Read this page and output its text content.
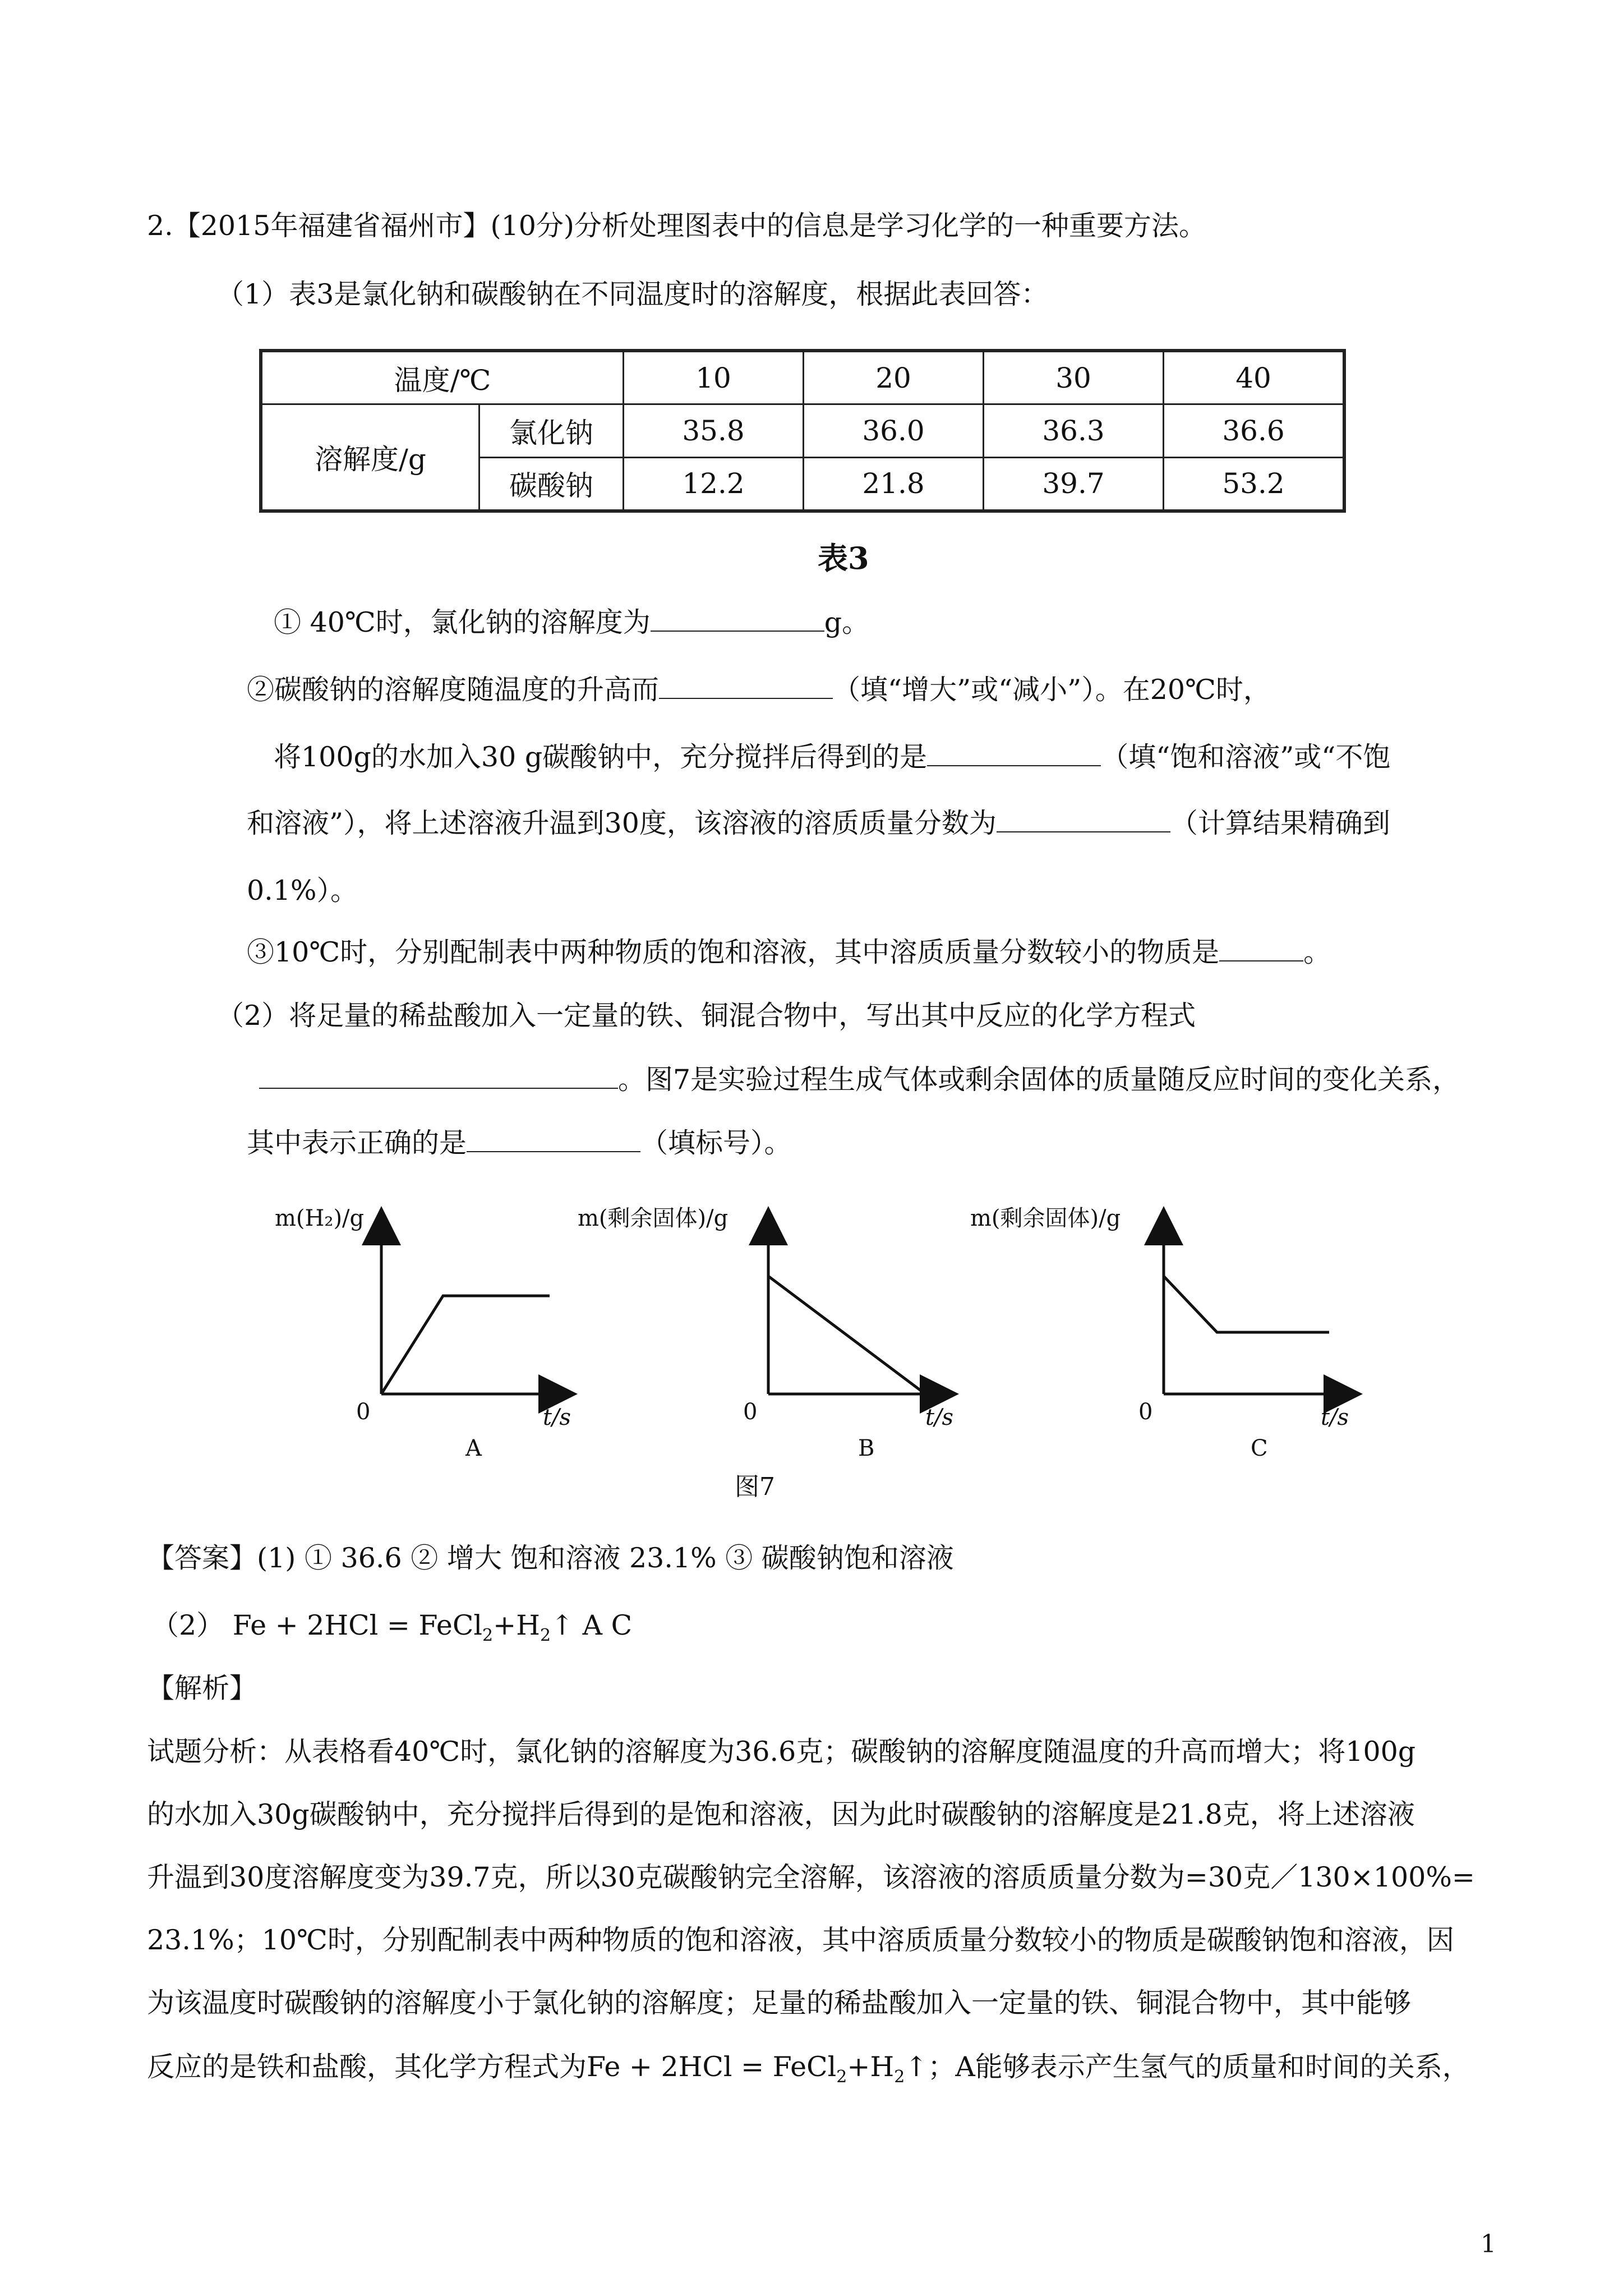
2.【2015年福建省福州市】(10分)分析处理图表中的信息是学习化学的一种重要方法。
（1）表3是氯化钠和碳酸钠在不同温度时的溶解度，根据此表回答：
温度/℃		10	20	30	40
溶解度/g	氯化钠	35.8	36.0	36.3	36.6
	碳酸钠	12.2	21.8	39.7	53.2
表3
① 40℃时，氯化钠的溶解度为	g。
②碳酸钠的溶解度随温度的升高而	（填“增大”或“减小”）。在20℃时，
将100g的水加入30 g碳酸钠中，充分搅拌后得到的是	（填“饱和溶液”或“不饱
和溶液”），将上述溶液升温到30度，该溶液的溶质质量分数为	（计算结果精确到
0.1%）。
③10℃时，分别配制表中两种物质的饱和溶液，其中溶质质量分数较小的物质是	。
（2）将足量的稀盐酸加入一定量的铁、铜混合物中，写出其中反应的化学方程式
。图7是实验过程生成气体或剩余固体的质量随反应时间的变化关系，
其中表示正确的是	（填标号）。
m(H₂)/g
0	t/s
A
m(剩余固体)/g
0	t/s
B
m(剩余固体)/g
0	t/s
C
图7
【答案】(1) ① 36.6 ② 增大 饱和溶液 23.1% ③ 碳酸钠饱和溶液
（2） $Fe + 2HCl = FeCl_2+H_2↑$ A C
【解析】
试题分析：从表格看40℃时，氯化钠的溶解度为36.6克；碳酸钠的溶解度随温度的升高而增大；将100g
的水加入30g碳酸钠中，充分搅拌后得到的是饱和溶液，因为此时碳酸钠的溶解度是21.8克，将上述溶液
升温到30度溶解度变为39.7克，所以30克碳酸钠完全溶解，该溶液的溶质质量分数为=30克／130×100%=
23.1%；10℃时，分别配制表中两种物质的饱和溶液，其中溶质质量分数较小的物质是碳酸钠饱和溶液，因
为该温度时碳酸钠的溶解度小于氯化钠的溶解度；足量的稀盐酸加入一定量的铁、铜混合物中，其中能够
反应的是铁和盐酸，其化学方程式为$Fe + 2HCl = FeCl_2+H_2↑$；A能够表示产生氢气的质量和时间的关系，
1
